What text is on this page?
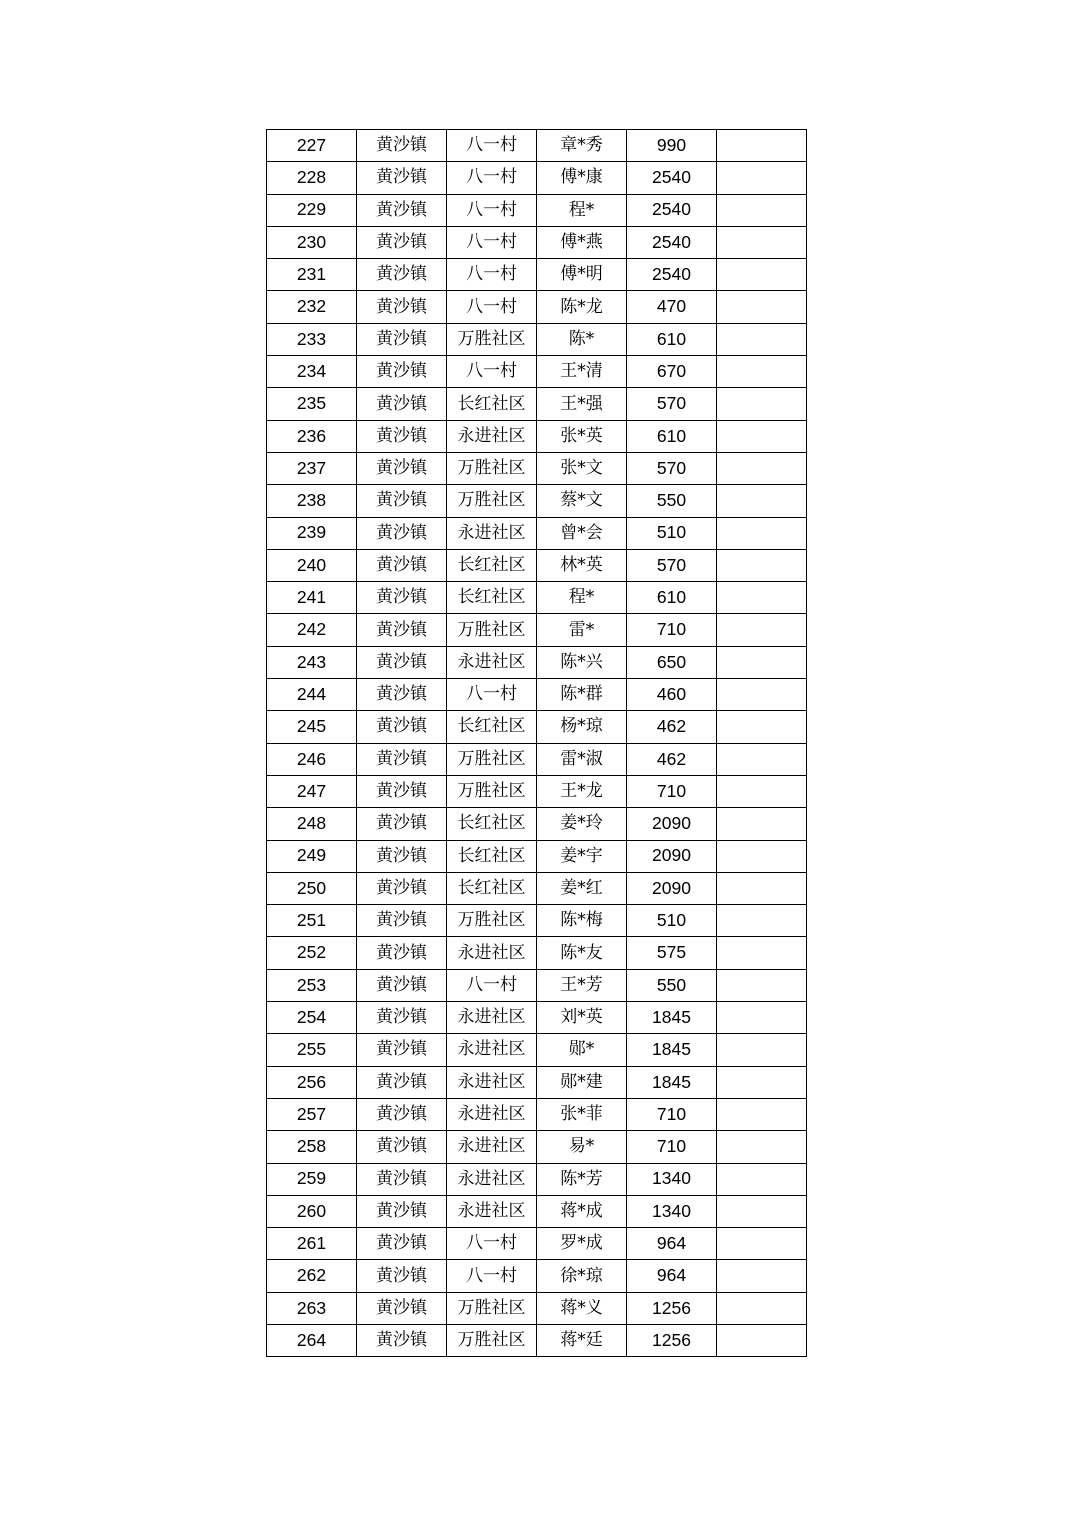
227	黄沙镇	八一村	章*秀	990	
228	黄沙镇	八一村	傅*康	2540	
229	黄沙镇	八一村	程*	2540	
230	黄沙镇	八一村	傅*燕	2540	
231	黄沙镇	八一村	傅*明	2540	
232	黄沙镇	八一村	陈*龙	470	
233	黄沙镇	万胜社区	陈*	610	
234	黄沙镇	八一村	王*清	670	
235	黄沙镇	长红社区	王*强	570	
236	黄沙镇	永进社区	张*英	610	
237	黄沙镇	万胜社区	张*文	570	
238	黄沙镇	万胜社区	蔡*文	550	
239	黄沙镇	永进社区	曾*会	510	
240	黄沙镇	长红社区	林*英	570	
241	黄沙镇	长红社区	程*	610	
242	黄沙镇	万胜社区	雷*	710	
243	黄沙镇	永进社区	陈*兴	650	
244	黄沙镇	八一村	陈*群	460	
245	黄沙镇	长红社区	杨*琼	462	
246	黄沙镇	万胜社区	雷*淑	462	
247	黄沙镇	万胜社区	王*龙	710	
248	黄沙镇	长红社区	姜*玲	2090	
249	黄沙镇	长红社区	姜*宇	2090	
250	黄沙镇	长红社区	姜*红	2090	
251	黄沙镇	万胜社区	陈*梅	510	
252	黄沙镇	永进社区	陈*友	575	
253	黄沙镇	八一村	王*芳	550	
254	黄沙镇	永进社区	刘*英	1845	
255	黄沙镇	永进社区	郧*	1845	
256	黄沙镇	永进社区	郧*建	1845	
257	黄沙镇	永进社区	张*菲	710	
258	黄沙镇	永进社区	易*	710	
259	黄沙镇	永进社区	陈*芳	1340	
260	黄沙镇	永进社区	蒋*成	1340	
261	黄沙镇	八一村	罗*成	964	
262	黄沙镇	八一村	徐*琼	964	
263	黄沙镇	万胜社区	蒋*义	1256	
264	黄沙镇	万胜社区	蒋*廷	1256	
